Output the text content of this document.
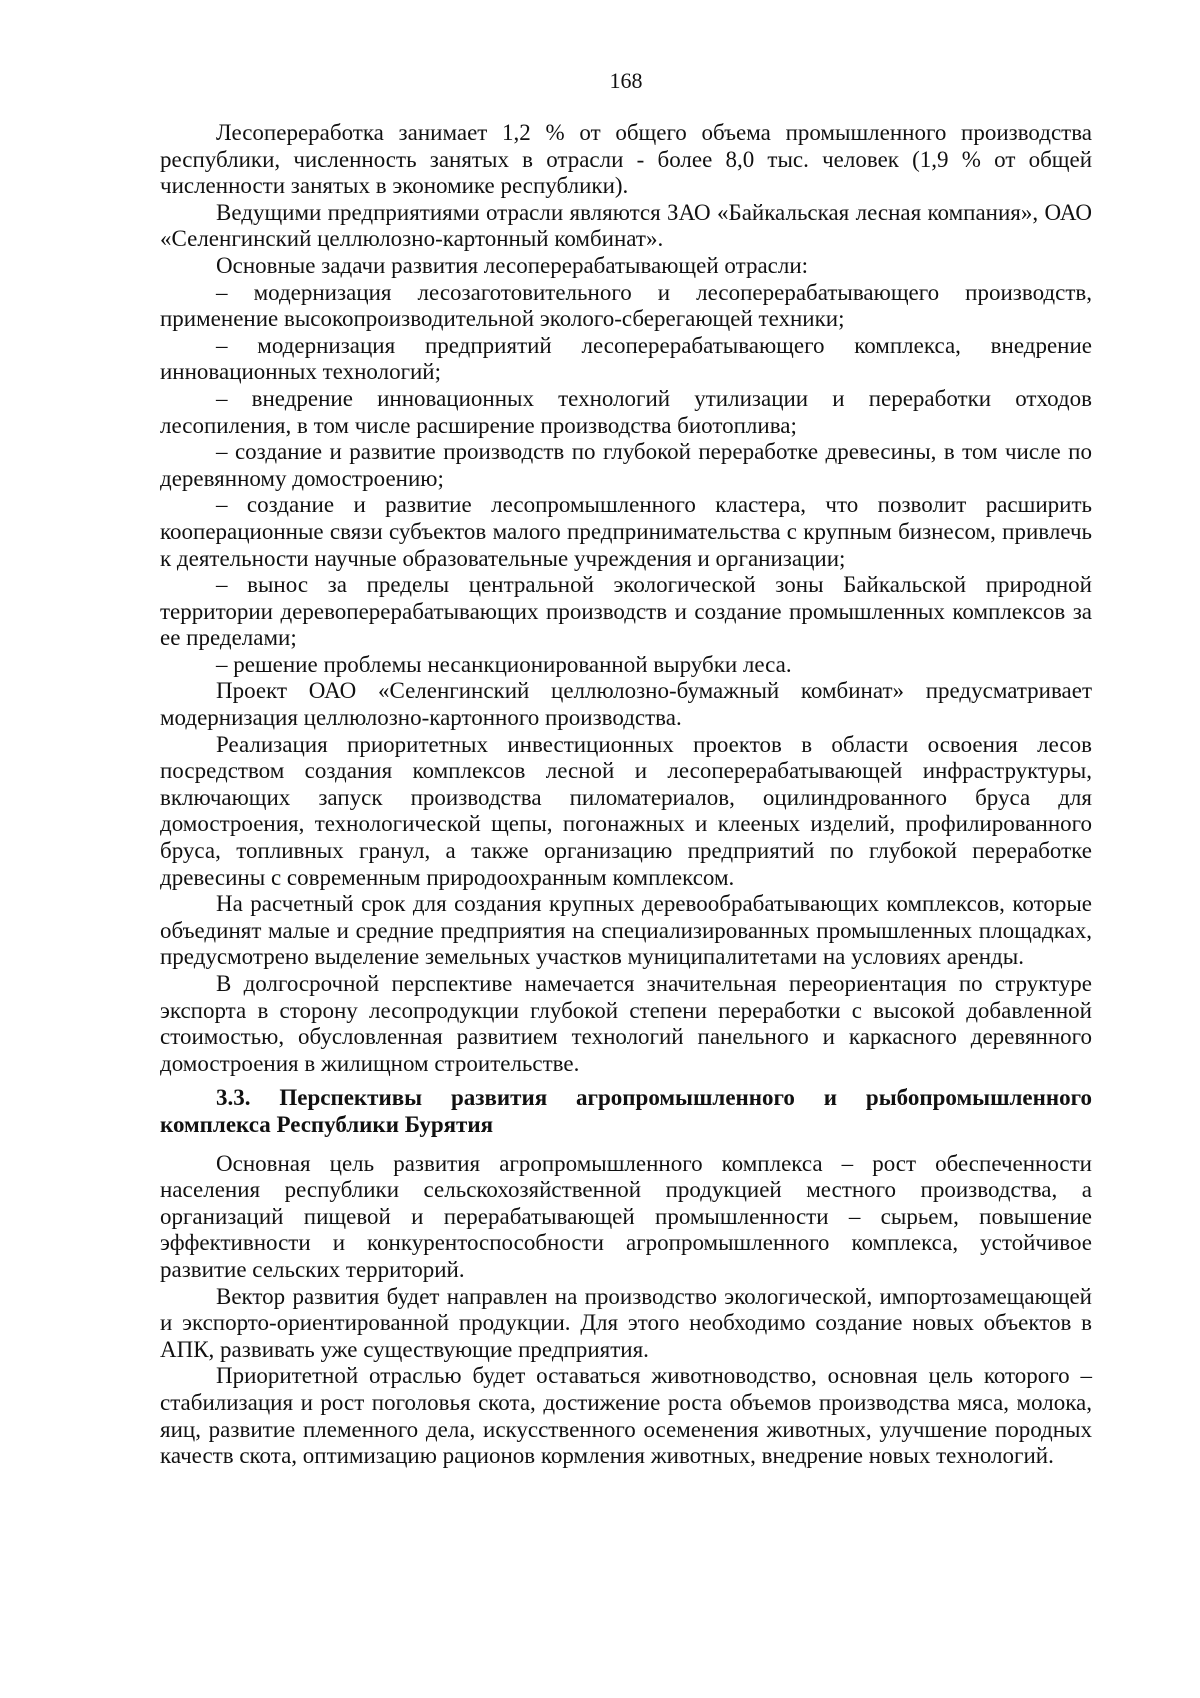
168

Лесопереработка занимает 1,2 % от общего объема промышленного производства республики, численность занятых в отрасли - более 8,0 тыс. человек (1,9 % от общей численности занятых в экономике республики).

Ведущими предприятиями отрасли являются ЗАО «Байкальская лесная компания», ОАО «Селенгинский целлюлозно-картонный комбинат».

Основные задачи развития лесоперерабатывающей отрасли:

– модернизация лесозаготовительного и лесоперерабатывающего производств, применение высокопроизводительной эколого-сберегающей техники;

– модернизация предприятий лесоперерабатывающего комплекса, внедрение инновационных технологий;

– внедрение инновационных технологий утилизации и переработки отходов лесопиления, в том числе расширение производства биотоплива;

– создание и развитие производств по глубокой переработке древесины, в том числе по деревянному домостроению;

– создание и развитие лесопромышленного кластера, что позволит расширить кооперационные связи субъектов малого предпринимательства с крупным бизнесом, привлечь к деятельности научные образовательные учреждения и организации;

– вынос за пределы центральной экологической зоны Байкальской природной территории деревоперерабатывающих производств и создание промышленных комплексов за ее пределами;

– решение проблемы несанкционированной вырубки леса.

Проект ОАО «Селенгинский целлюлозно-бумажный комбинат» предусматривает модернизация целлюлозно-картонного производства.

Реализация приоритетных инвестиционных проектов в области освоения лесов посредством создания комплексов лесной и лесоперерабатывающей инфраструктуры, включающих запуск производства пиломатериалов, оцилиндрованного бруса для домостроения, технологической щепы, погонажных и клееных изделий, профилированного бруса, топливных гранул, а также организацию предприятий по глубокой переработке древесины с современным природоохранным комплексом.

На расчетный срок для создания крупных деревообрабатывающих комплексов, которые объединят малые и средние предприятия на специализированных промышленных площадках, предусмотрено выделение земельных участков муниципалитетами на условиях аренды.

В долгосрочной перспективе намечается значительная переориентация по структуре экспорта в сторону лесопродукции глубокой степени переработки с высокой добавленной стоимостью, обусловленная развитием технологий панельного и каркасного деревянного домостроения в жилищном строительстве.

3.3. Перспективы развития агропромышленного и рыбопромышленного комплекса Республики Бурятия

Основная цель развития агропромышленного комплекса – рост обеспеченности населения республики сельскохозяйственной продукцией местного производства, а организаций пищевой и перерабатывающей промышленности – сырьем, повышение эффективности и конкурентоспособности агропромышленного комплекса, устойчивое развитие сельских территорий.

Вектор развития будет направлен на производство экологической, импортозамещающей и экспорто-ориентированной продукции. Для этого необходимо создание новых объектов в АПК, развивать уже существующие предприятия.

Приоритетной отраслью будет оставаться животноводство, основная цель которого – стабилизация и рост поголовья скота, достижение роста объемов производства мяса, молока, яиц, развитие племенного дела, искусственного осеменения животных, улучшение породных качеств скота, оптимизацию рационов кормления животных, внедрение новых технологий.
